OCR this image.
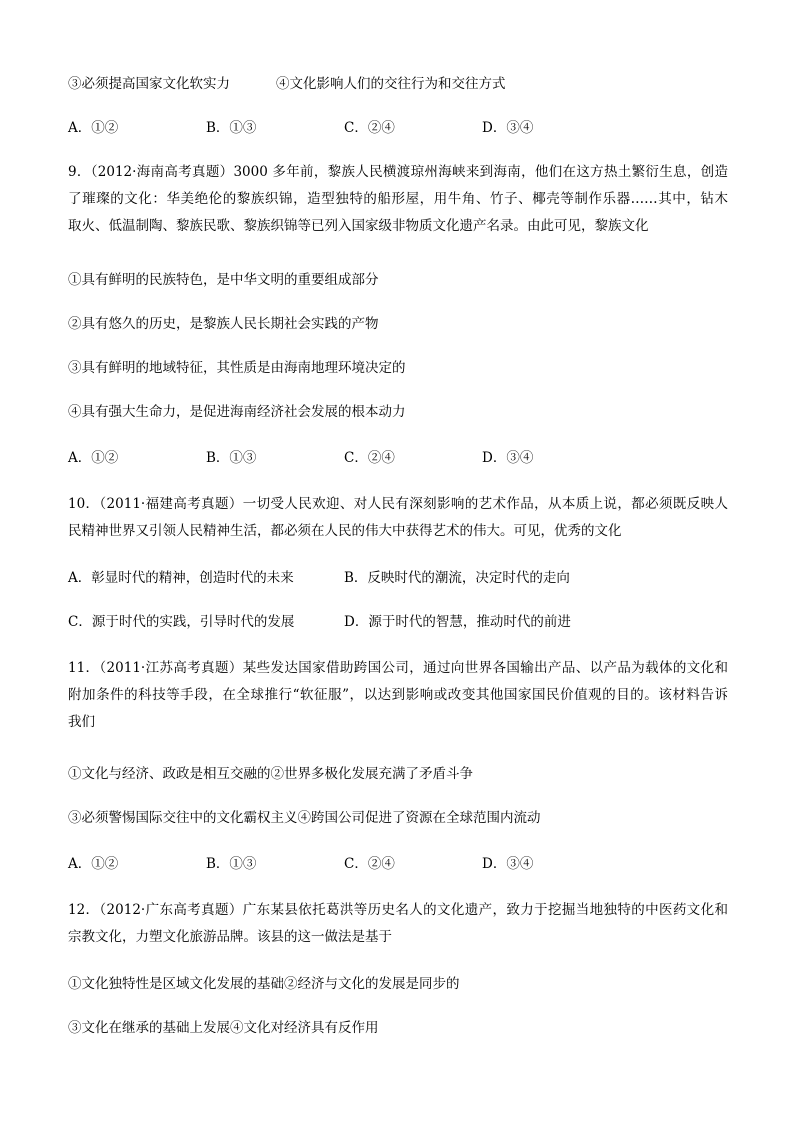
③必须提高国家文化软实力	④文化影响人们的交往行为和交往方式
A．①②	B．①③	C．②④	D．③④
9．（2012·海南高考真题）3000 多年前，黎族人民横渡琼州海峡来到海南，他们在这方热土繁衍生息，创造
了璀璨的文化：华美绝伦的黎族织锦，造型独特的船形屋，用牛角、竹子、椰壳等制作乐器……其中，钻木
取火、低温制陶、黎族民歌、黎族织锦等已列入国家级非物质文化遗产名录。由此可见，黎族文化
①具有鲜明的民族特色，是中华文明的重要组成部分
②具有悠久的历史，是黎族人民长期社会实践的产物
③具有鲜明的地域特征，其性质是由海南地理环境决定的
④具有强大生命力，是促进海南经济社会发展的根本动力
A．①②	B．①③	C．②④	D．③④
10．（2011·福建高考真题）一切受人民欢迎、对人民有深刻影响的艺术作品，从本质上说，都必须既反映人
民精神世界又引领人民精神生活，都必须在人民的伟大中获得艺术的伟大。可见，优秀的文化
A．彰显时代的精神，创造时代的未来	B．反映时代的潮流，决定时代的走向
C．源于时代的实践，引导时代的发展	D．源于时代的智慧，推动时代的前进
11．（2011·江苏高考真题）某些发达国家借助跨国公司，通过向世界各国输出产品、以产品为载体的文化和
附加条件的科技等手段，在全球推行“软征服”，以达到影响或改变其他国家国民价值观的目的。该材料告诉
我们
①文化与经济、政政是相互交融的②世界多极化发展充满了矛盾斗争
③必须警惕国际交往中的文化霸权主义④跨国公司促进了资源在全球范围内流动
A．①②	B．①③	C．②④	D．③④
12．（2012·广东高考真题）广东某县依托葛洪等历史名人的文化遗产，致力于挖掘当地独特的中医药文化和
宗教文化，力塑文化旅游品牌。该县的这一做法是基于
①文化独特性是区域文化发展的基础②经济与文化的发展是同步的
③文化在继承的基础上发展④文化对经济具有反作用
